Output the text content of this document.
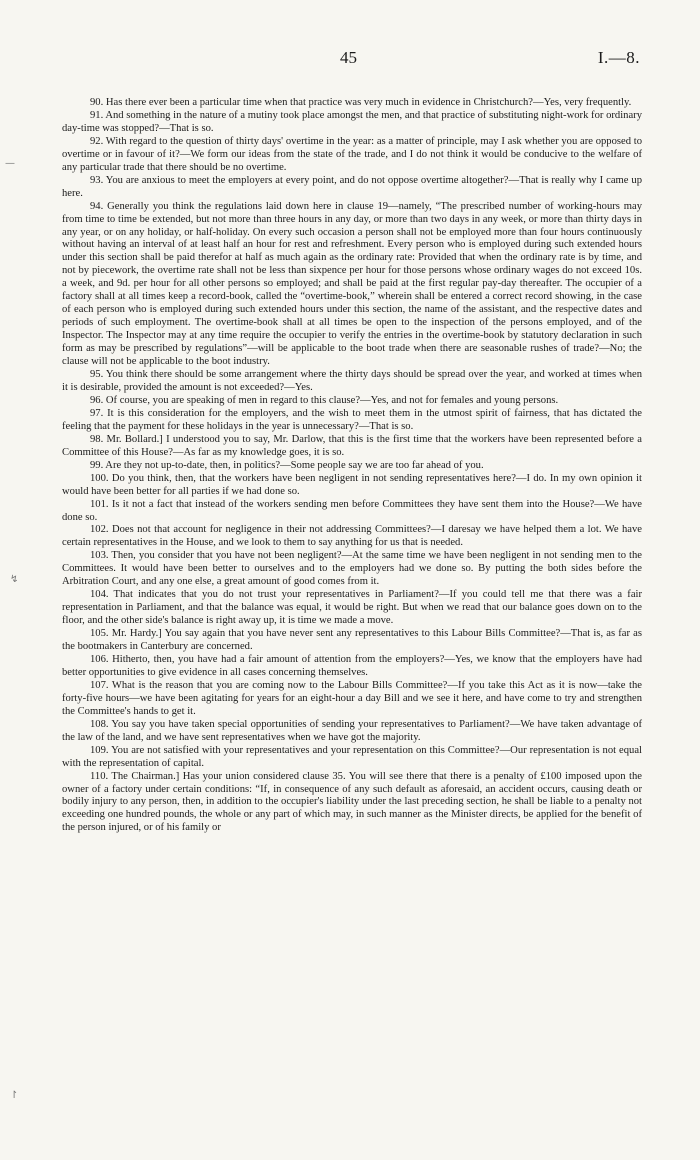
45	I.—8.
—
↯
↾

90. Has there ever been a particular time when that practice was very much in evidence in Christchurch?—Yes, very frequently.

91. And something in the nature of a mutiny took place amongst the men, and that practice of substituting night-work for ordinary day-time was stopped?—That is so.

92. With regard to the question of thirty days' overtime in the year: as a matter of principle, may I ask whether you are opposed to overtime or in favour of it?—We form our ideas from the state of the trade, and I do not think it would be conducive to the welfare of any particular trade that there should be no overtime.

93. You are anxious to meet the employers at every point, and do not oppose overtime altogether?—That is really why I came up here.

94. Generally you think the regulations laid down here in clause 19—namely, “The prescribed number of working-hours may from time to time be extended, but not more than three hours in any day, or more than two days in any week, or more than thirty days in any year, or on any holiday, or half-holiday. On every such occasion a person shall not be employed more than four hours continuously without having an interval of at least half an hour for rest and refreshment. Every person who is employed during such extended hours under this section shall be paid therefor at half as much again as the ordinary rate: Provided that when the ordinary rate is by time, and not by piecework, the overtime rate shall not be less than sixpence per hour for those persons whose ordinary wages do not exceed 10s. a week, and 9d. per hour for all other persons so employed; and shall be paid at the first regular pay-day thereafter. The occupier of a factory shall at all times keep a record-book, called the “overtime-book,” wherein shall be entered a correct record showing, in the case of each person who is employed during such extended hours under this section, the name of the assistant, and the respective dates and periods of such employment. The overtime-book shall at all times be open to the inspection of the persons employed, and of the Inspector. The Inspector may at any time require the occupier to verify the entries in the overtime-book by statutory declaration in such form as may be prescribed by regulations”—will be applicable to the boot trade when there are seasonable rushes of trade?—No; the clause will not be applicable to the boot industry.

95. You think there should be some arrangement where the thirty days should be spread over the year, and worked at times when it is desirable, provided the amount is not exceeded?—Yes.

96. Of course, you are speaking of men in regard to this clause?—Yes, and not for females and young persons.

97. It is this consideration for the employers, and the wish to meet them in the utmost spirit of fairness, that has dictated the feeling that the payment for these holidays in the year is unnecessary?—That is so.

98. Mr. Bollard.] I understood you to say, Mr. Darlow, that this is the first time that the workers have been represented before a Committee of this House?—As far as my knowledge goes, it is so.

99. Are they not up-to-date, then, in politics?—Some people say we are too far ahead of you.

100. Do you think, then, that the workers have been negligent in not sending representatives here?—I do. In my own opinion it would have been better for all parties if we had done so.

101. Is it not a fact that instead of the workers sending men before Committees they have sent them into the House?—We have done so.

102. Does not that account for negligence in their not addressing Committees?—I daresay we have helped them a lot. We have certain representatives in the House, and we look to them to say anything for us that is needed.

103. Then, you consider that you have not been negligent?—At the same time we have been negligent in not sending men to the Committees. It would have been better to ourselves and to the employers had we done so. By putting the both sides before the Arbitration Court, and any one else, a great amount of good comes from it.

104. That indicates that you do not trust your representatives in Parliament?—If you could tell me that there was a fair representation in Parliament, and that the balance was equal, it would be right. But when we read that our balance goes down on to the floor, and the other side's balance is right away up, it is time we made a move.

105. Mr. Hardy.] You say again that you have never sent any representatives to this Labour Bills Committee?—That is, as far as the bootmakers in Canterbury are concerned.

106. Hitherto, then, you have had a fair amount of attention from the employers?—Yes, we know that the employers have had better opportunities to give evidence in all cases concerning themselves.

107. What is the reason that you are coming now to the Labour Bills Committee?—If you take this Act as it is now—take the forty-five hours—we have been agitating for years for an eight-hour a day Bill and we see it here, and have come to try and strengthen the Committee's hands to get it.

108. You say you have taken special opportunities of sending your representatives to Parliament?—We have taken advantage of the law of the land, and we have sent representatives when we have got the majority.

109. You are not satisfied with your representatives and your representation on this Committee?—Our representation is not equal with the representation of capital.

110. The Chairman.] Has your union considered clause 35. You will see there that there is a penalty of £100 imposed upon the owner of a factory under certain conditions: “If, in consequence of any such default as aforesaid, an accident occurs, causing death or bodily injury to any person, then, in addition to the occupier's liability under the last preceding section, he shall be liable to a penalty not exceeding one hundred pounds, the whole or any part of which may, in such manner as the Minister directs, be applied for the benefit of the person injured, or of his family or
